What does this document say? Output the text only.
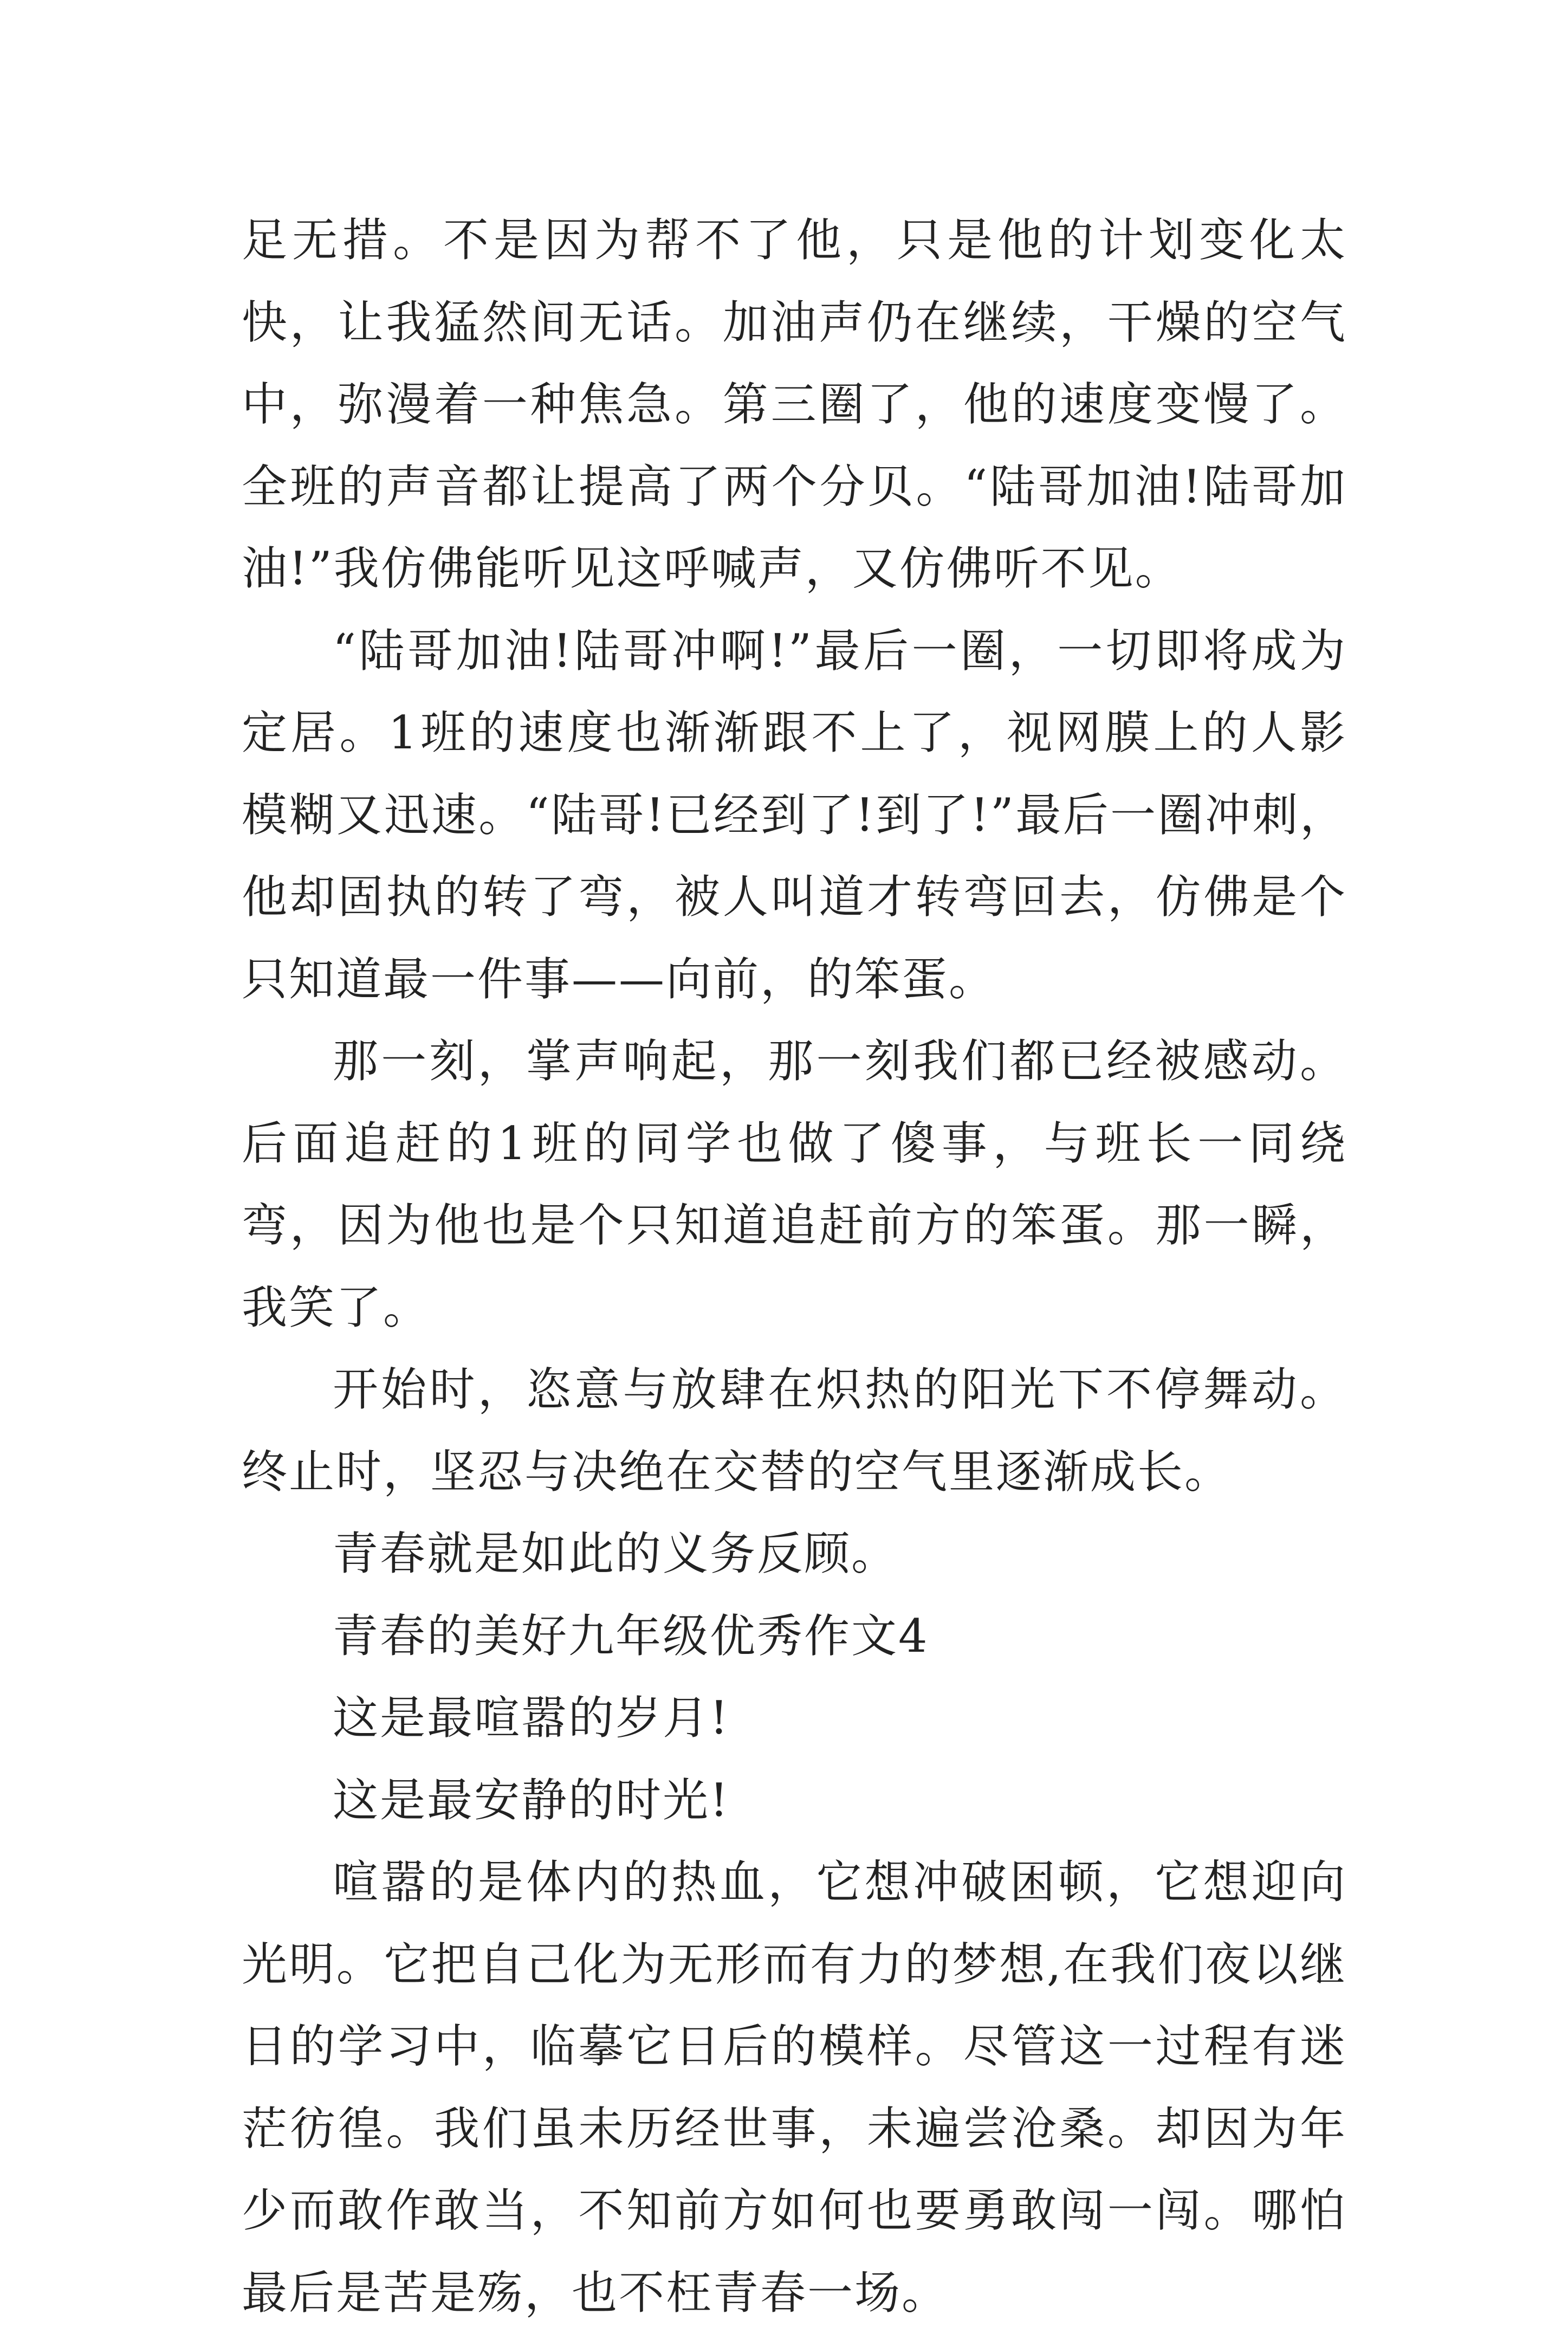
足无措。不是因为帮不了他，只是他的计划变化太快，让我猛然间无话。加油声仍在继续，干燥的空气中，弥漫着一种焦急。第三圈了，他的速度变慢了。全班的声音都让提高了两个分贝。“陆哥加油!陆哥加油!”我仿佛能听见这呼喊声，又仿佛听不见。

“陆哥加油!陆哥冲啊!”最后一圈，一切即将成为定居。1班的速度也渐渐跟不上了，视网膜上的人影模糊又迅速。“陆哥!已经到了!到了!”最后一圈冲刺，他却固执的转了弯，被人叫道才转弯回去，仿佛是个只知道最一件事——向前，的笨蛋。

那一刻，掌声响起，那一刻我们都已经被感动。后面追赶的1班的同学也做了傻事，与班长一同绕弯，因为他也是个只知道追赶前方的笨蛋。那一瞬，我笑了。

开始时，恣意与放肆在炽热的阳光下不停舞动。终止时，坚忍与决绝在交替的空气里逐渐成长。

青春就是如此的义务反顾。

青春的美好九年级优秀作文4

这是最喧嚣的岁月!

这是最安静的时光!

喧嚣的是体内的热血，它想冲破困顿，它想迎向光明。它把自己化为无形而有力的梦想,在我们夜以继日的学习中，临摹它日后的模样。尽管这一过程有迷茫彷徨。我们虽未历经世事，未遍尝沧桑。却因为年少而敢作敢当，不知前方如何也要勇敢闯一闯。哪怕最后是苦是殇，也不枉青春一场。
